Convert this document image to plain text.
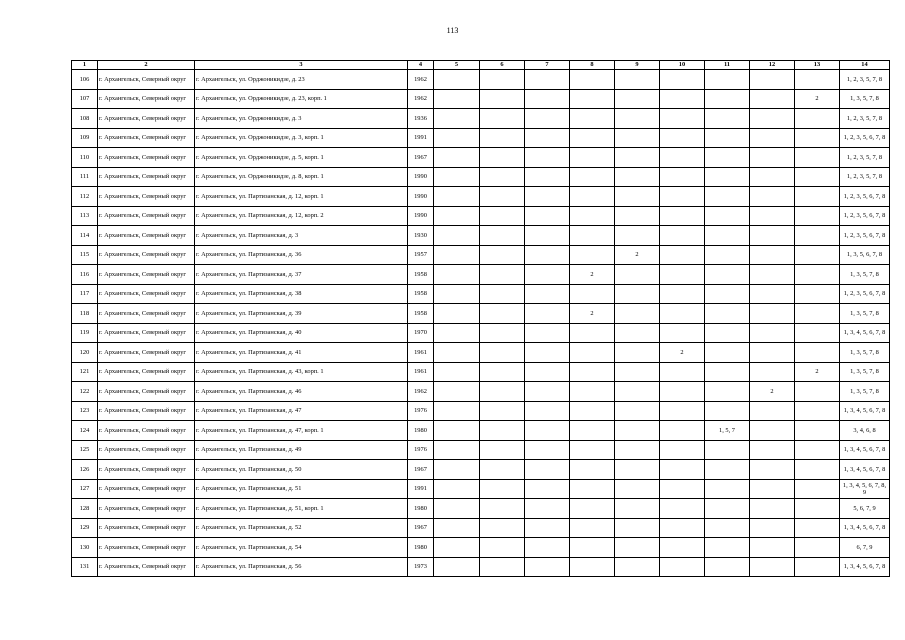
113
1	2	3	4	5	6	7	8	9	10	11	12	13	14
106	г. Архангельск, Северный округ	г. Архангельск, ул. Орджоникидзе, д. 23	1962										1, 2, 3, 5, 7, 8
107	г. Архангельск, Северный округ	г. Архангельск, ул. Орджоникидзе, д. 23, корп. 1	1962									2	1, 3, 5, 7, 8
108	г. Архангельск, Северный округ	г. Архангельск, ул. Орджоникидзе, д. 3	1936										1, 2, 3, 5, 7, 8
109	г. Архангельск, Северный округ	г. Архангельск, ул. Орджоникидзе, д. 3, корп. 1	1991										1, 2, 3, 5, 6, 7, 8
110	г. Архангельск, Северный округ	г. Архангельск, ул. Орджоникидзе, д. 5, корп. 1	1967										1, 2, 3, 5, 7, 8
111	г. Архангельск, Северный округ	г. Архангельск, ул. Орджоникидзе, д. 8, корп. 1	1990										1, 2, 3, 5, 7, 8
112	г. Архангельск, Северный округ	г. Архангельск, ул. Партизанская, д. 12, корп. 1	1990										1, 2, 3, 5, 6, 7, 8
113	г. Архангельск, Северный округ	г. Архангельск, ул. Партизанская, д. 12, корп. 2	1990										1, 2, 3, 5, 6, 7, 8
114	г. Архангельск, Северный округ	г. Архангельск, ул. Партизанская, д. 3	1930										1, 2, 3, 5, 6, 7, 8
115	г. Архангельск, Северный округ	г. Архангельск, ул. Партизанская, д. 36	1957					2					1, 3, 5, 6, 7, 8
116	г. Архангельск, Северный округ	г. Архангельск, ул. Партизанская, д. 37	1958				2						1, 3, 5, 7, 8
117	г. Архангельск, Северный округ	г. Архангельск, ул. Партизанская, д. 38	1958										1, 2, 3, 5, 6, 7, 8
118	г. Архангельск, Северный округ	г. Архангельск, ул. Партизанская, д. 39	1958				2						1, 3, 5, 7, 8
119	г. Архангельск, Северный округ	г. Архангельск, ул. Партизанская, д. 40	1970										1, 3, 4, 5, 6, 7, 8
120	г. Архангельск, Северный округ	г. Архангельск, ул. Партизанская, д. 41	1961						2				1, 3, 5, 7, 8
121	г. Архангельск, Северный округ	г. Архангельск, ул. Партизанская, д. 43, корп. 1	1961									2	1, 3, 5, 7, 8
122	г. Архангельск, Северный округ	г. Архангельск, ул. Партизанская, д. 46	1962								2		1, 3, 5, 7, 8
123	г. Архангельск, Северный округ	г. Архангельск, ул. Партизанская, д. 47	1976										1, 3, 4, 5, 6, 7, 8
124	г. Архангельск, Северный округ	г. Архангельск, ул. Партизанская, д. 47, корп. 1	1980							1, 5, 7			3, 4, 6, 8
125	г. Архангельск, Северный округ	г. Архангельск, ул. Партизанская, д. 49	1976										1, 3, 4, 5, 6, 7, 8
126	г. Архангельск, Северный округ	г. Архангельск, ул. Партизанская, д. 50	1967										1, 3, 4, 5, 6, 7, 8
127	г. Архангельск, Северный округ	г. Архангельск, ул. Партизанская, д. 51	1991										1, 3, 4, 5, 6, 7, 8, 9
128	г. Архангельск, Северный округ	г. Архангельск, ул. Партизанская, д. 51, корп. 1	1980										5, 6, 7, 9
129	г. Архангельск, Северный округ	г. Архангельск, ул. Партизанская, д. 52	1967										1, 3, 4, 5, 6, 7, 8
130	г. Архангельск, Северный округ	г. Архангельск, ул. Партизанская, д. 54	1980										6, 7, 9
131	г. Архангельск, Северный округ	г. Архангельск, ул. Партизанская, д. 56	1973										1, 3, 4, 5, 6, 7, 8
